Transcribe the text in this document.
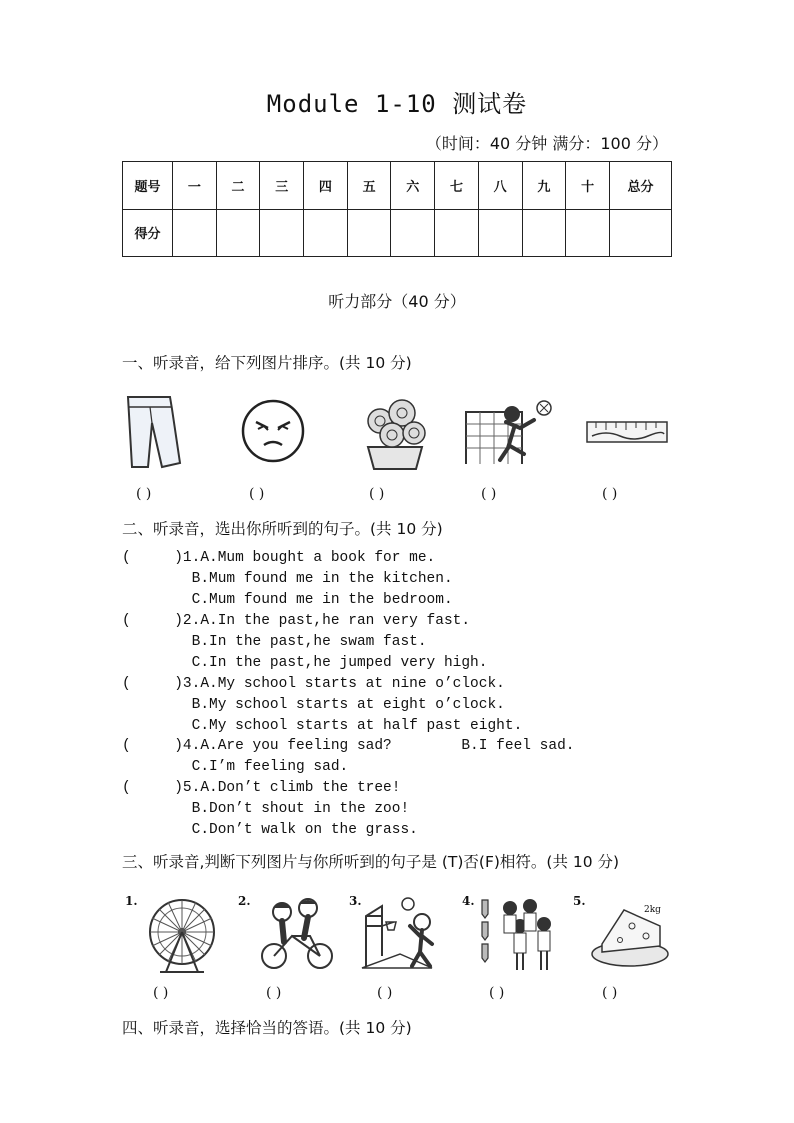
Module 1-10 测试卷
（时间：40 分钟 满分：100 分）
题号	一	二	三	四	五	六	七	八	九	十	总分
得分											
听力部分（40 分）
一、听录音，给下列图片排序。(共 10 分)
( )	( )	( )	( )	( )
二、听录音，选出你所听到的句子。(共 10 分)
(     )1.A.Mum bought a book for me.
B.Mum found me in the kitchen.
C.Mum found me in the bedroom.
(     )2.A.In the past,he ran very fast.
B.In the past,he swam fast.
C.In the past,he jumped very high.
(     )3.A.My school starts at nine o’clock.
B.My school starts at eight o’clock.
C.My school starts at half past eight.
(     )4.A.Are you feeling sad?        B.I feel sad.
C.I’m feeling sad.
(     )5.A.Don’t climb the tree!
B.Don’t shout in the zoo!
C.Don’t walk on the grass.
三、听录音,判断下列图片与你所听到的句子是 (T)否(F)相符。(共 10 分)
1.	2.	3.	4.	5.
2kg
( )	( )	( )	( )	( )
四、听录音，选择恰当的答语。(共 10 分)
